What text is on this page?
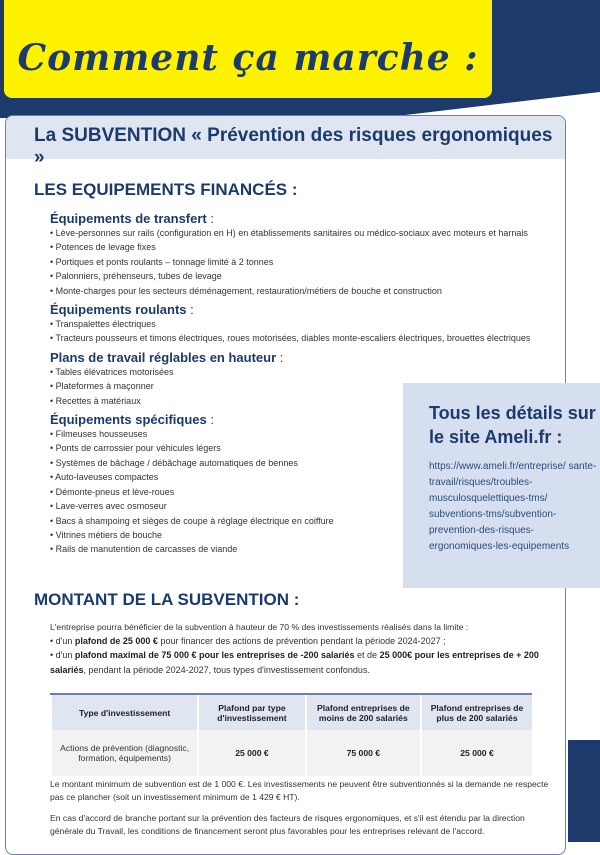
Comment ça marche :
La SUBVENTION « Prévention des risques ergonomiques »
LES EQUIPEMENTS FINANCÉS :
Équipements de transfert :
• Lève-personnes sur rails (configuration en H) en établissements sanitaires ou médico-sociaux avec moteurs et harnais
• Potences de levage fixes
• Portiques et ponts roulants – tonnage limité à 2 tonnes
• Palonniers, préhenseurs, tubes de levage
• Monte-charges pour les secteurs déménagement, restauration/métiers de bouche et construction
Équipements roulants :
• Transpalettes électriques
• Tracteurs pousseurs et timons électriques, roues motorisées, diables monte-escaliers électriques, brouettes électriques
Plans de travail réglables en hauteur :
• Tables élévatrices motorisées
• Plateformes à maçonner
• Recettes à matériaux
Équipements spécifiques :
• Filmeuses housseuses
• Ponts de carrossier pour véhicules légers
• Systèmes de bâchage / débâchage automatiques de bennes
• Auto-laveuses compactes
• Démonte-pneus et lève-roues
• Lave-verres avec osmoseur
• Bacs à shampoing et sièges de coupe à réglage électrique en coiffure
• Vitrines métiers de bouche
• Rails de manutention de carcasses de viande
Tous les détails sur le site Ameli.fr :
https://www.ameli.fr/entreprise/ sante-travail/risques/troubles- musculosquelettiques-tms/ subventions-tms/subvention- prevention-des-risques- ergonomiques-les-equipements
MONTANT DE LA SUBVENTION :

L'entreprise pourra bénéficier de la subvention à hauteur de 70 % des investissements réalisés dans la limite :

• d'un plafond de 25 000 € pour financer des actions de prévention pendant la période 2024-2027 ;
• d'un plafond maximal de 75 000 € pour les entreprises de -200 salariés et de 25 000€ pour les entreprises de + 200 salariés, pendant la période 2024-2027, tous types d'investissement confondus.
Type d'investissement	Plafond par type d'investissement	Plafond entreprises de moins de 200 salariés	Plafond entreprises de plus de 200 salariés
Actions de prévention (diagnostic, formation, équipements)	25 000 €	75 000 €	25 000 €

Le montant minimum de subvention est de 1 000 €. Les investissements ne peuvent être subventionnés si la demande ne respecte pas ce plancher (soit un investissement minimum de 1 429 € HT).

En cas d'accord de branche portant sur la prévention des facteurs de risques ergonomiques, et s'il est étendu par la direction générale du Travail, les conditions de financement seront plus favorables pour les entreprises relevant de l'accord.
